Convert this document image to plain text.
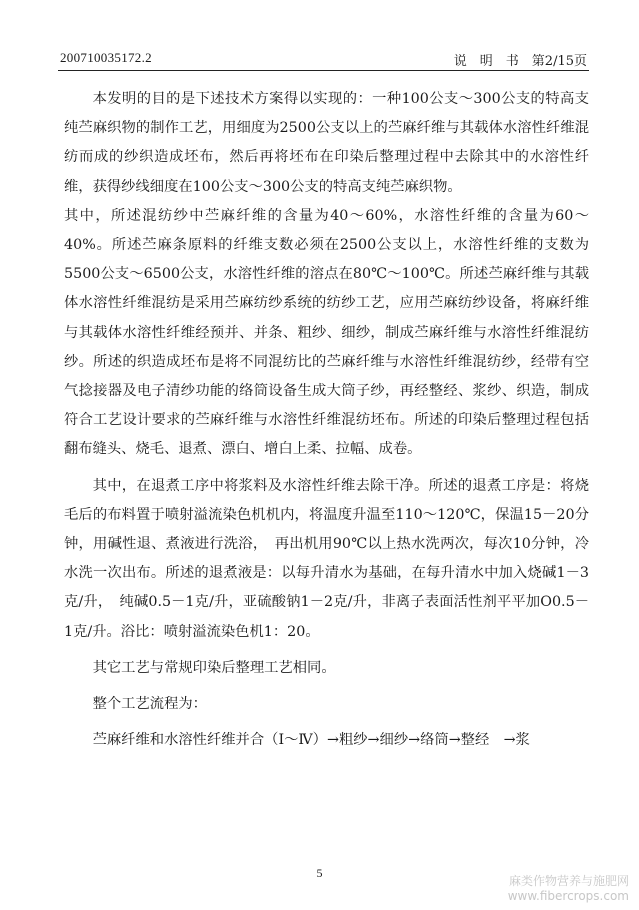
200710035172.2	说　明　书　 第2/15页

本发明的目的是下述技术方案得以实现的：一种100公支～300公支的特高支纯苎麻织物的制作工艺，用细度为2500公支以上的苎麻纤维与其载体水溶性纤维混纺而成的纱织造成坯布，然后再将坯布在印染后整理过程中去除其中的水溶性纤维，获得纱线细度在100公支～300公支的特高支纯苎麻织物。

其中，所述混纺纱中苎麻纤维的含量为40～60%，水溶性纤维的含量为60～40%。所述苎麻条原料的纤维支数必须在2500公支以上，水溶性纤维的支数为5500公支～6500公支，水溶性纤维的溶点在80℃～100℃。所述苎麻纤维与其载体水溶性纤维混纺是采用苎麻纺纱系统的纺纱工艺，应用苎麻纺纱设备，将麻纤维与其载体水溶性纤维经预并、并条、粗纱、细纱，制成苎麻纤维与水溶性纤维混纺纱。所述的织造成坯布是将不同混纺比的苎麻纤维与水溶性纤维混纺纱，经带有空气捻接器及电子清纱功能的络筒设备生成大筒子纱，再经整经、浆纱、织造，制成符合工艺设计要求的苎麻纤维与水溶性纤维混纺坯布。所述的印染后整理过程包括翻布缝头、烧毛、退煮、漂白、增白上柔、拉幅、成卷。

其中，在退煮工序中将浆料及水溶性纤维去除干净。所述的退煮工序是：将烧毛后的布料置于喷射溢流染色机机内，将温度升温至110～120℃，保温15－20分钟，用碱性退、煮液进行洗浴，　再出机用90℃以上热水洗两次，每次10分钟，冷水洗一次出布。所述的退煮液是：以每升清水为基础，在每升清水中加入烧碱1－3克/升，　纯碱0.5－1克/升，亚硫酸钠1－2克/升，非离子表面活性剂平平加O0.5－1克/升。浴比：喷射溢流染色机1：20。

其它工艺与常规印染后整理工艺相同。

整个工艺流程为：

苎麻纤维和水溶性纤维并合（Ⅰ～Ⅳ）→粗纱→细纱→络筒→整经　→浆

5
麻类作物营养与施肥网
www.fibercrops.com
